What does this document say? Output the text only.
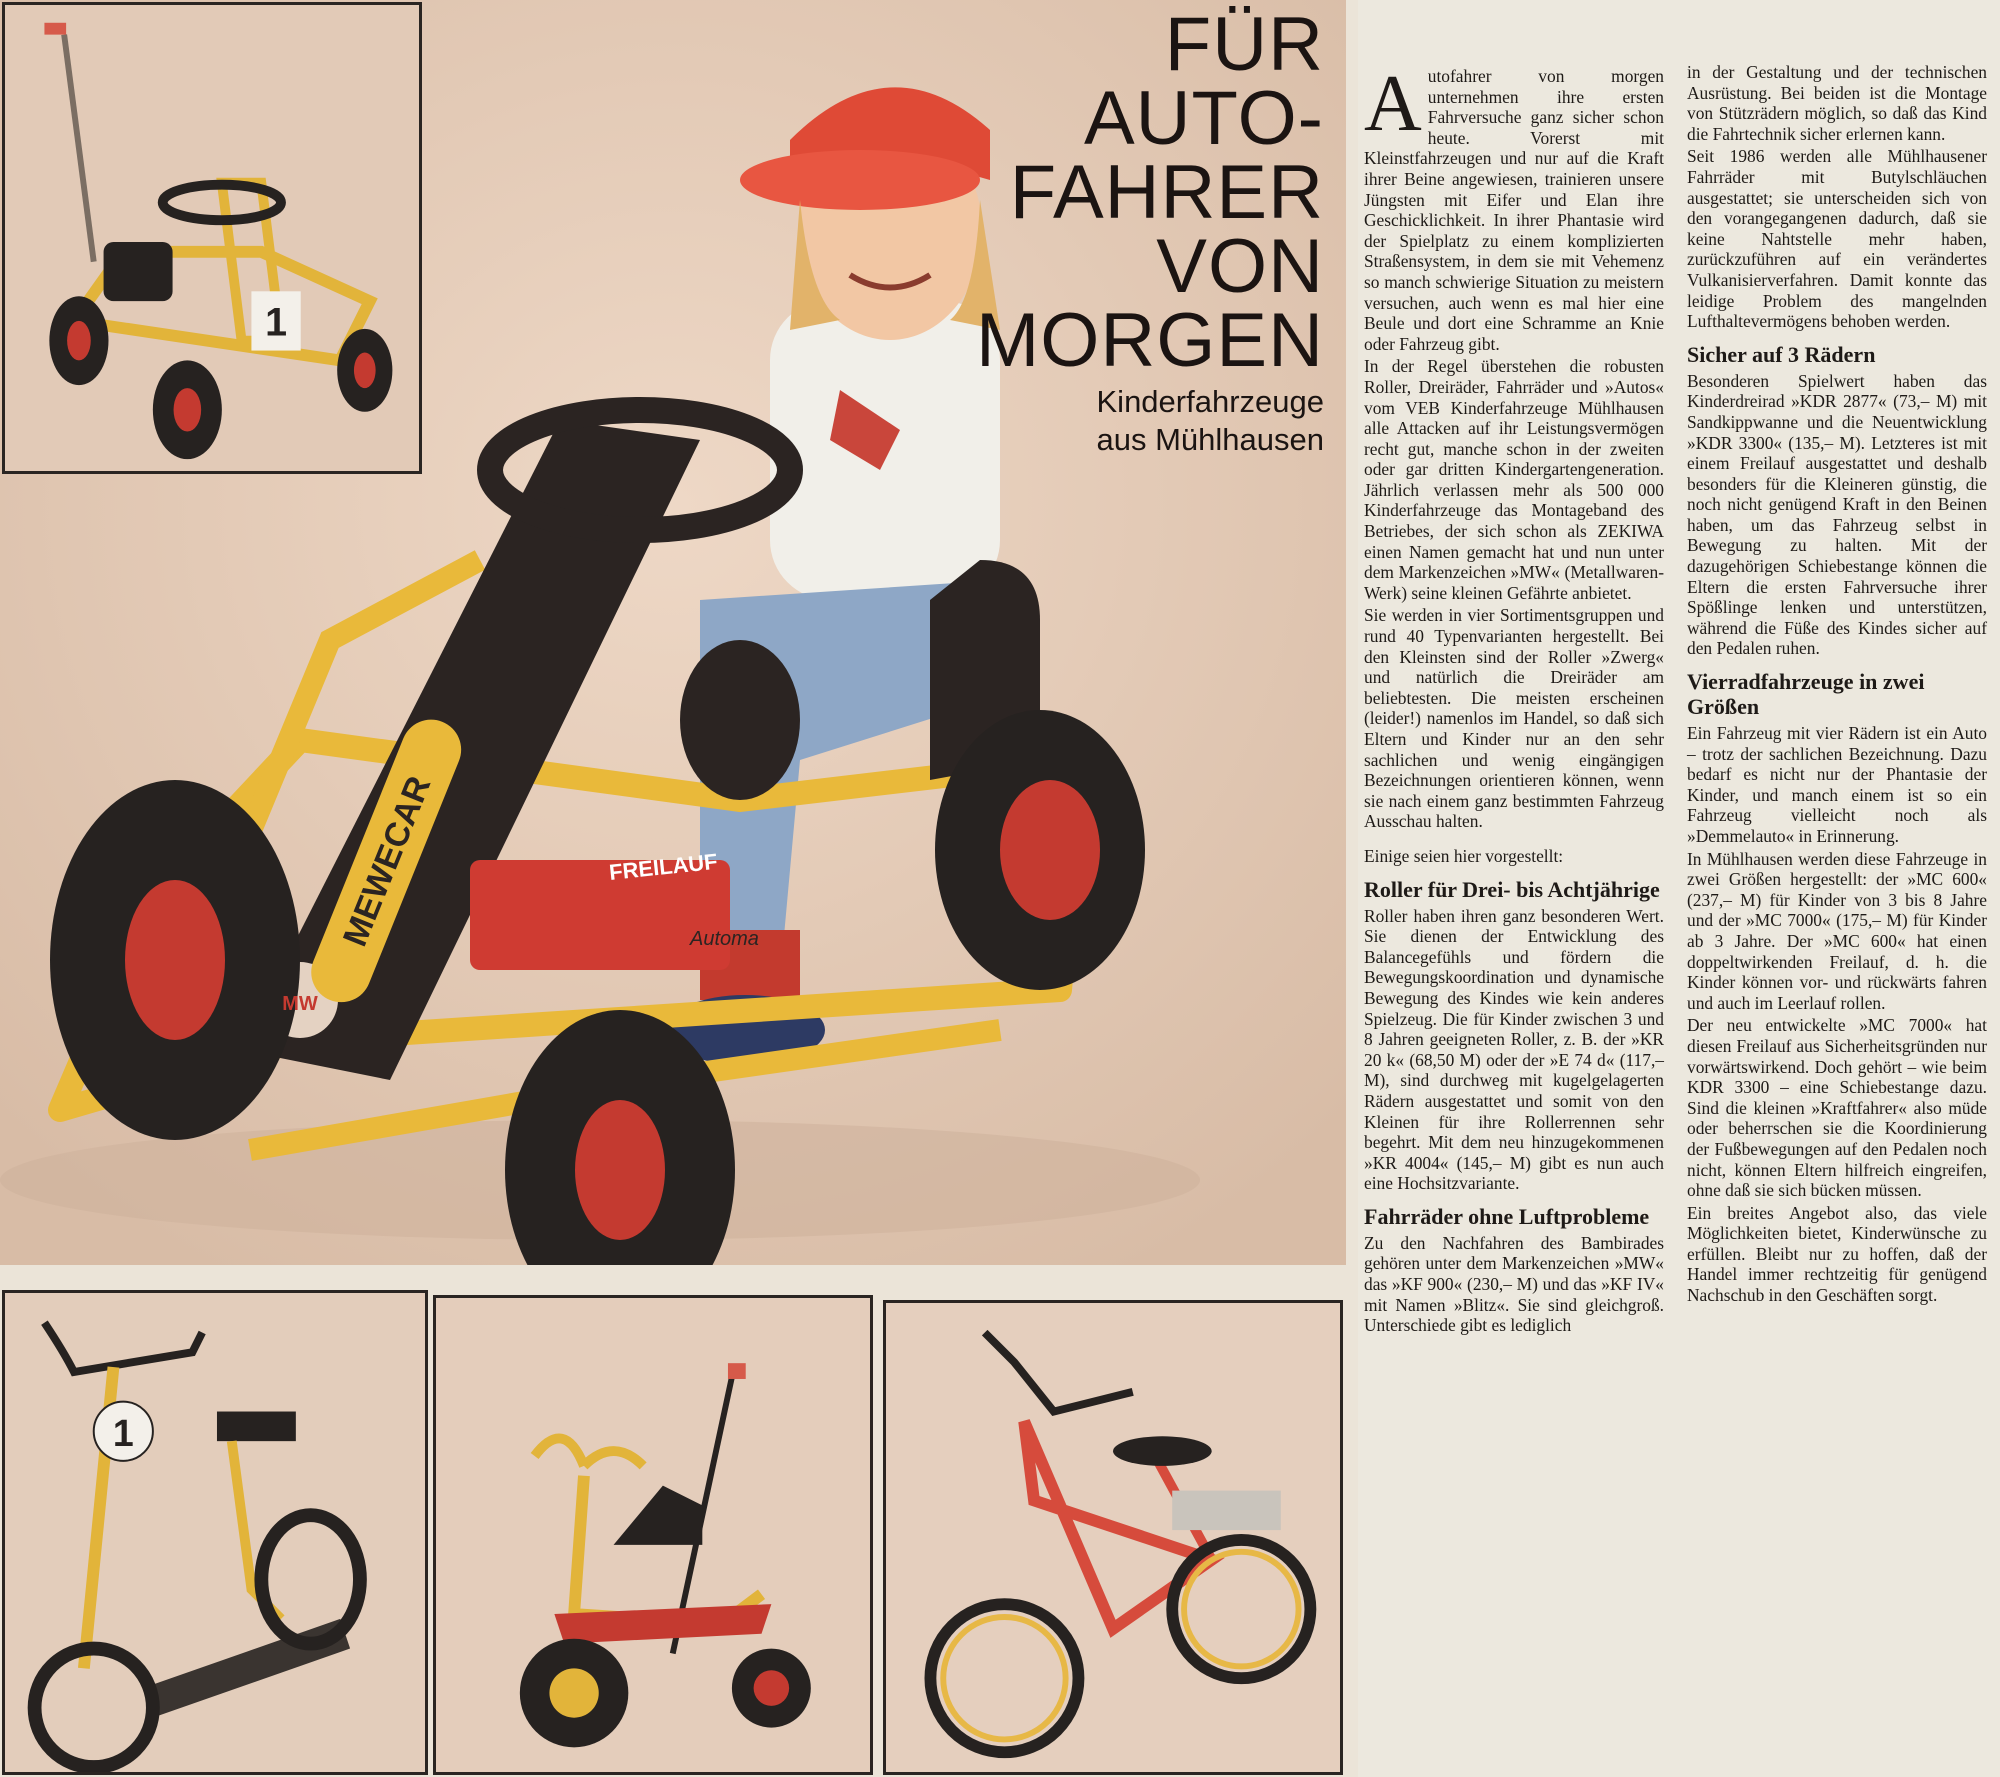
MEWECAR
MW
FREILAUF
Automa
1
FÜR
AUTO-
FAHRER
VON
MORGEN
Kinderfahrzeuge
aus Mühlhausen
1

Autofahrer von morgen unternehmen ihre ersten Fahrversuche ganz sicher schon heute. Vorerst mit Kleinstfahrzeugen und nur auf die Kraft ihrer Beine angewiesen, trainieren unsere Jüngsten mit Eifer und Elan ihre Geschicklichkeit. In ihrer Phantasie wird der Spielplatz zu einem komplizierten Straßensystem, in dem sie mit Vehemenz so manch schwierige Situation zu meistern versuchen, auch wenn es mal hier eine Beule und dort eine Schramme an Knie oder Fahrzeug gibt.

In der Regel überstehen die robusten Roller, Dreiräder, Fahrräder und »Autos« vom VEB Kinderfahrzeuge Mühlhausen alle Attacken auf ihr Leistungsvermögen recht gut, manche schon in der zweiten oder gar dritten Kindergartengeneration. Jährlich verlassen mehr als 500 000 Kinderfahrzeuge das Montageband des Betriebes, der sich schon als ZEKIWA einen Namen gemacht hat und nun unter dem Markenzeichen »MW« (Metallwaren-Werk) seine kleinen Gefährte anbietet.

Sie werden in vier Sortimentsgruppen und rund 40 Typenvarianten hergestellt. Bei den Kleinsten sind der Roller »Zwerg« und natürlich die Dreiräder am beliebtesten. Die meisten erscheinen (leider!) namenlos im Handel, so daß sich Eltern und Kinder nur an den sehr sachlichen und wenig eingängigen Bezeichnungen orientieren können, wenn sie nach einem ganz bestimmten Fahrzeug Ausschau halten.

Einige seien hier vorgestellt:

Roller für Drei- bis Achtjährige

Roller haben ihren ganz besonderen Wert. Sie dienen der Entwicklung des Balancegefühls und fördern die Bewegungskoordination und dynamische Bewegung des Kindes wie kein anderes Spielzeug. Die für Kinder zwischen 3 und 8 Jahren geeigneten Roller, z. B. der »KR 20 k« (68,50 M) oder der »E 74 d« (117,– M), sind durchweg mit kugelgelagerten Rädern ausgestattet und somit von den Kleinen für ihre Rollerrennen sehr begehrt. Mit dem neu hinzugekommenen »KR 4004« (145,– M) gibt es nun auch eine Hochsitzvariante.

Fahrräder ohne Luftprobleme

Zu den Nachfahren des Bambirades gehören unter dem Markenzeichen »MW« das »KF 900« (230,– M) und das »KF IV« mit Namen »Blitz«. Sie sind gleichgroß. Unterschiede gibt es lediglich

in der Gestaltung und der technischen Ausrüstung. Bei beiden ist die Montage von Stützrädern möglich, so daß das Kind die Fahrtechnik sicher erlernen kann.

Seit 1986 werden alle Mühlhausener Fahrräder mit Butylschläuchen ausgestattet; sie unterscheiden sich von den vorangegangenen dadurch, daß sie keine Nahtstelle mehr haben, zurückzuführen auf ein verändertes Vulkanisierverfahren. Damit konnte das leidige Problem des mangelnden Lufthaltevermögens behoben werden.

Sicher auf 3 Rädern

Besonderen Spielwert haben das Kinderdreirad »KDR 2877« (73,– M) mit Sandkippwanne und die Neuentwicklung »KDR 3300« (135,– M). Letzteres ist mit einem Freilauf ausgestattet und deshalb besonders für die Kleineren günstig, die noch nicht genügend Kraft in den Beinen haben, um das Fahrzeug selbst in Bewegung zu halten. Mit der dazugehörigen Schiebestange können die Eltern die ersten Fahrversuche ihrer Spößlinge lenken und unterstützen, während die Füße des Kindes sicher auf den Pedalen ruhen.

Vierradfahrzeuge in zwei Größen

Ein Fahrzeug mit vier Rädern ist ein Auto – trotz der sachlichen Bezeichnung. Dazu bedarf es nicht nur der Phantasie der Kinder, und manch einem ist so ein Fahrzeug vielleicht noch als »Demmelauto« in Erinnerung.

In Mühlhausen werden diese Fahrzeuge in zwei Größen hergestellt: der »MC 600« (237,– M) für Kinder von 3 bis 8 Jahre und der »MC 7000« (175,– M) für Kinder ab 3 Jahre. Der »MC 600« hat einen doppeltwirkenden Freilauf, d. h. die Kinder können vor- und rückwärts fahren und auch im Leerlauf rollen.

Der neu entwickelte »MC 7000« hat diesen Freilauf aus Sicherheitsgründen nur vorwärtswirkend. Doch gehört – wie beim KDR 3300 – eine Schiebestange dazu. Sind die kleinen »Kraftfahrer« also müde oder beherrschen sie die Koordinierung der Fußbewegungen auf den Pedalen noch nicht, können Eltern hilfreich eingreifen, ohne daß sie sich bücken müssen.

Ein breites Angebot also, das viele Möglichkeiten bietet, Kinderwünsche zu erfüllen. Bleibt nur zu hoffen, daß der Handel immer rechtzeitig für genügend Nachschub in den Geschäften sorgt.
